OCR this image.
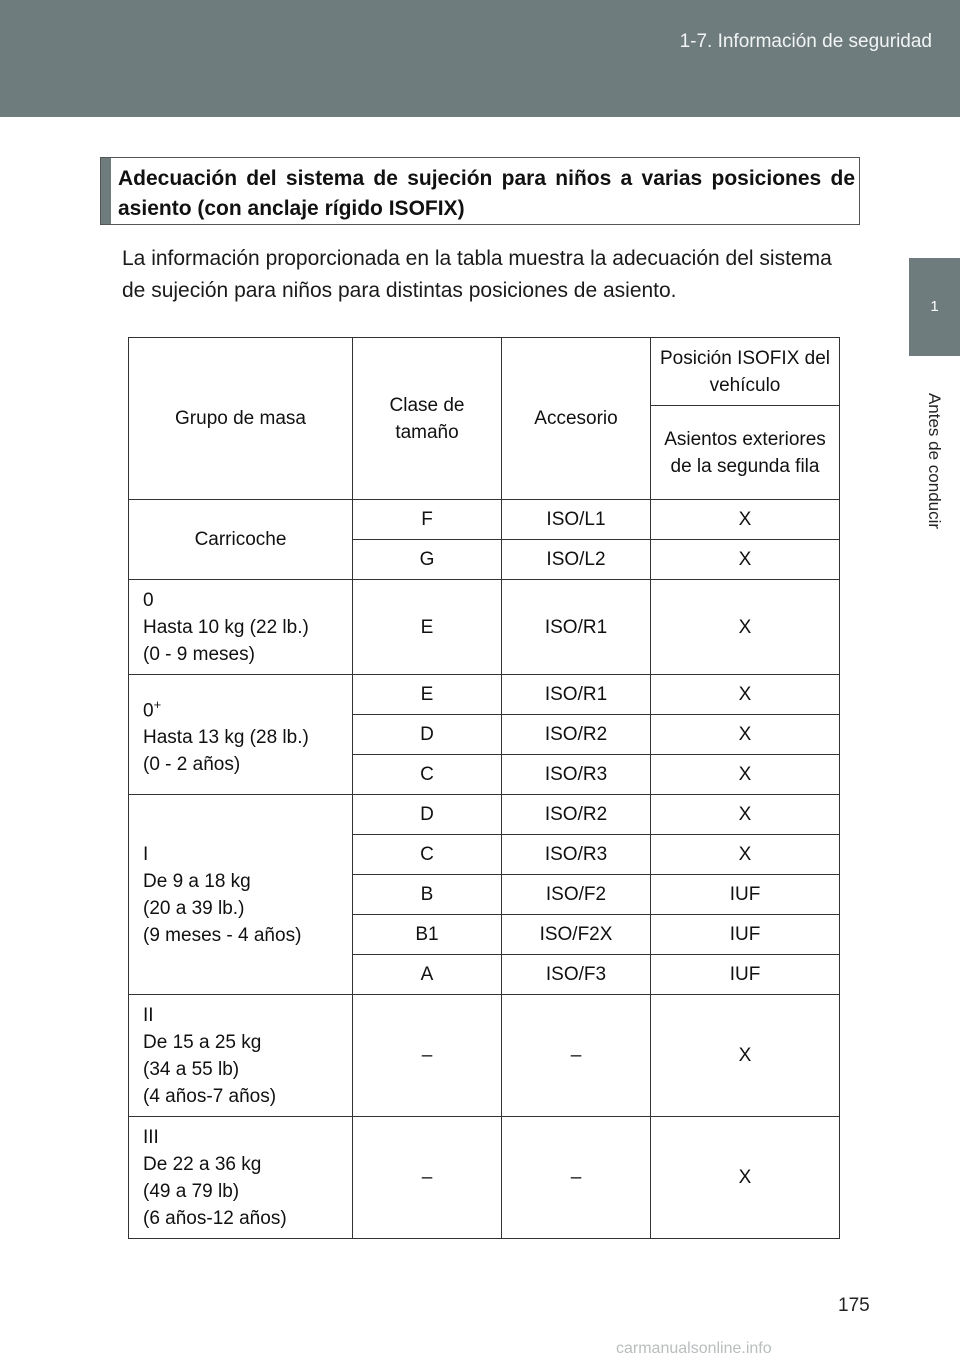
1-7. Información de seguridad
1
Antes de conducir
Adecuación del sistema de sujeción para niños a varias posiciones de asiento (con anclaje rígido ISOFIX)
La información proporcionada en la tabla muestra la adecuación del sistema de sujeción para niños para distintas posiciones de asiento.
Grupo de masa	Clase de tamaño	Accesorio	Posición ISOFIX del vehículo
			Asientos exteriores de la segunda fila

Carricoche	F	ISO/L1	X
	G	ISO/L2	X

0
Hasta 10 kg (22 lb.)
(0 - 9 meses)	E	ISO/R1	X

0+
Hasta 13 kg (28 lb.)
(0 - 2 años)	E	ISO/R1	X
	D	ISO/R2	X
	C	ISO/R3	X

I
De 9 a 18 kg
(20 a 39 lb.)
(9 meses - 4 años)	D	ISO/R2	X
	C	ISO/R3	X
	B	ISO/F2	IUF
	B1	ISO/F2X	IUF
	A	ISO/F3	IUF

II
De 15 a 25 kg
(34 a 55 lb)
(4 años-7 años)	–	–	X

III
De 22 a 36 kg
(49 a 79 lb)
(6 años-12 años)	–	–	X
175
carmanualsonline.info
